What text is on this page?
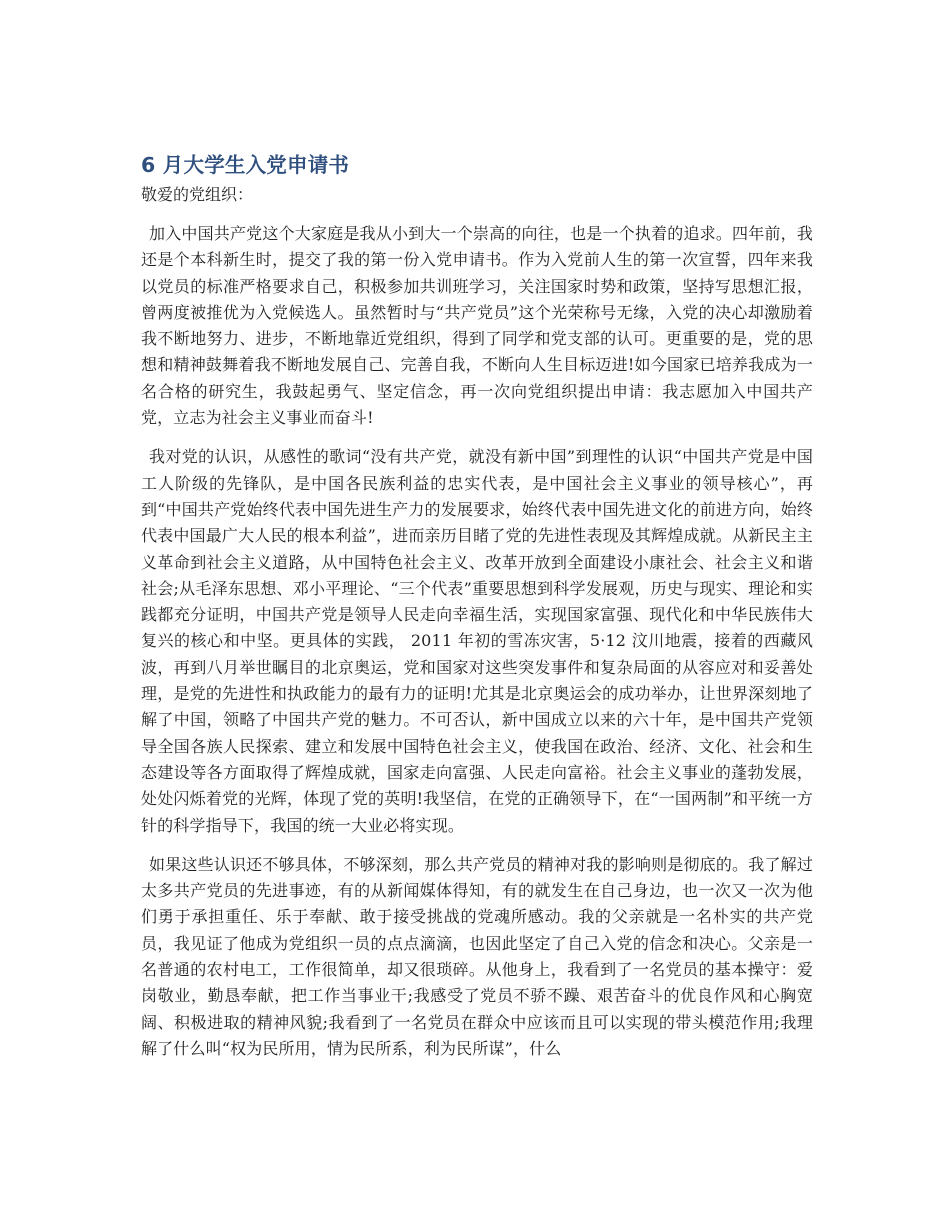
6 月大学生入党申请书

敬爱的党组织：

加入中国共产党这个大家庭是我从小到大一个崇高的向往，也是一个执着的追求。四年前，我还是个本科新生时，提交了我的第一份入党申请书。作为入党前人生的第一次宣誓，四年来我以党员的标准严格要求自己，积极参加共训班学习，关注国家时势和政策，坚持写思想汇报，曾两度被推优为入党候选人。虽然暂时与“共产党员”这个光荣称号无缘，入党的决心却激励着我不断地努力、进步，不断地靠近党组织，得到了同学和党支部的认可。更重要的是，党的思想和精神鼓舞着我不断地发展自己、完善自我，不断向人生目标迈进!如今国家已培养我成为一名合格的研究生，我鼓起勇气、坚定信念，再一次向党组织提出申请：我志愿加入中国共产党，立志为社会主义事业而奋斗!

我对党的认识，从感性的歌词“没有共产党，就没有新中国”到理性的认识“中国共产党是中国工人阶级的先锋队，是中国各民族利益的忠实代表，是中国社会主义事业的领导核心”，再到“中国共产党始终代表中国先进生产力的发展要求，始终代表中国先进文化的前进方向，始终代表中国最广大人民的根本利益”，进而亲历目睹了党的先进性表现及其辉煌成就。从新民主主义革命到社会主义道路，从中国特色社会主义、改革开放到全面建设小康社会、社会主义和谐社会;从毛泽东思想、邓小平理论、“三个代表”重要思想到科学发展观，历史与现实、理论和实践都充分证明，中国共产党是领导人民走向幸福生活，实现国家富强、现代化和中华民族伟大复兴的核心和中坚。更具体的实践， 2011 年初的雪冻灾害，5·12 汶川地震，接着的西藏风波，再到八月举世瞩目的北京奥运，党和国家对这些突发事件和复杂局面的从容应对和妥善处理，是党的先进性和执政能力的最有力的证明!尤其是北京奥运会的成功举办，让世界深刻地了解了中国，领略了中国共产党的魅力。不可否认，新中国成立以来的六十年，是中国共产党领导全国各族人民探索、建立和发展中国特色社会主义，使我国在政治、经济、文化、社会和生态建设等各方面取得了辉煌成就，国家走向富强、人民走向富裕。社会主义事业的蓬勃发展，处处闪烁着党的光辉，体现了党的英明!我坚信，在党的正确领导下，在“一国两制”和平统一方针的科学指导下，我国的统一大业必将实现。

如果这些认识还不够具体，不够深刻，那么共产党员的精神对我的影响则是彻底的。我了解过太多共产党员的先进事迹，有的从新闻媒体得知，有的就发生在自己身边，也一次又一次为他们勇于承担重任、乐于奉献、敢于接受挑战的党魂所感动。我的父亲就是一名朴实的共产党员，我见证了他成为党组织一员的点点滴滴，也因此坚定了自己入党的信念和决心。父亲是一名普通的农村电工，工作很简单，却又很琐碎。从他身上，我看到了一名党员的基本操守：爱岗敬业，勤恳奉献，把工作当事业干;我感受了党员不骄不躁、艰苦奋斗的优良作风和心胸宽阔、积极进取的精神风貌;我看到了一名党员在群众中应该而且可以实现的带头模范作用;我理解了什么叫“权为民所用，情为民所系，利为民所谋”，什么
